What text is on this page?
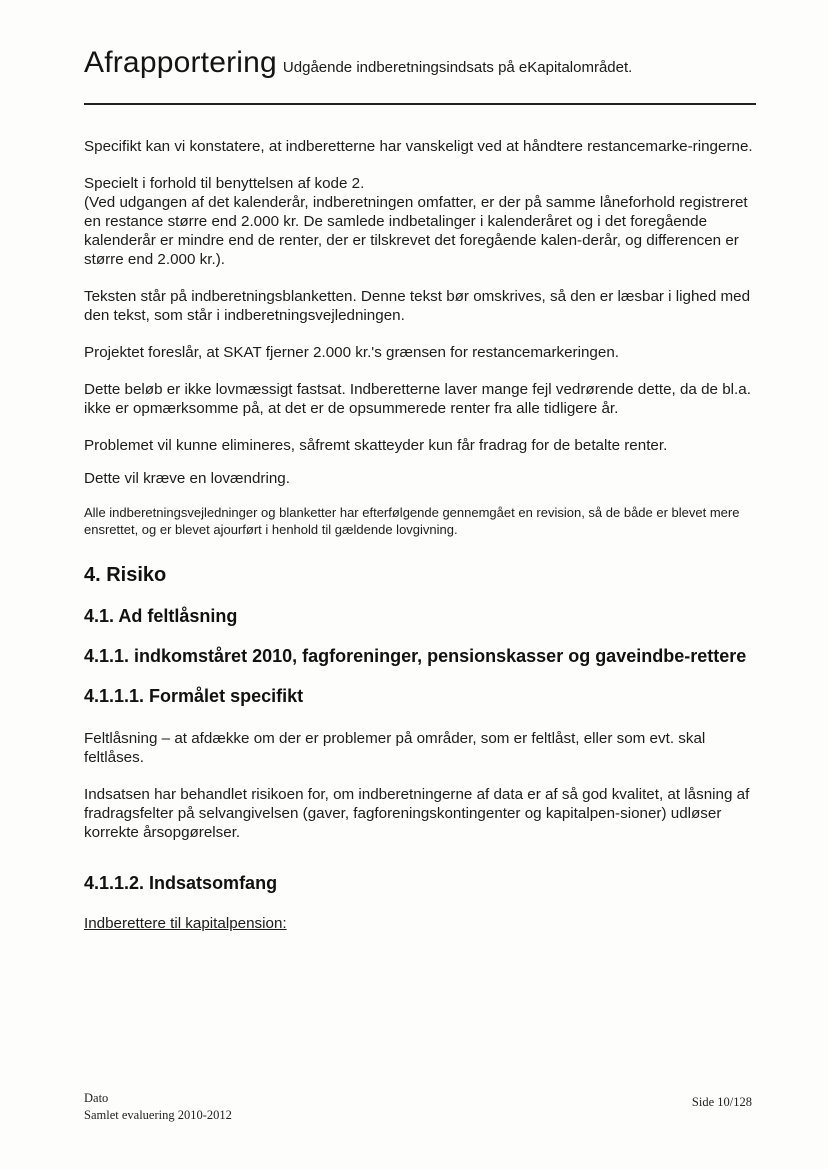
Afrapportering Udgående indberetningsindsats på eKapitalområdet.

Specifikt kan vi konstatere, at indberetterne har vanskeligt ved at håndtere restancemarke-ringerne.

Specielt i forhold til benyttelsen af kode 2.

(Ved udgangen af det kalenderår, indberetningen omfatter, er der på samme låneforhold registreret en restance større end 2.000 kr. De samlede indbetalinger i kalenderåret og i det foregående kalenderår er mindre end de renter, der er tilskrevet det foregående kalen-derår, og differencen er større end 2.000 kr.).

Teksten står på indberetningsblanketten. Denne tekst bør omskrives, så den er læsbar i lighed med den tekst, som står i indberetningsvejledningen.

Projektet foreslår, at SKAT fjerner 2.000 kr.'s grænsen for restancemarkeringen.

Dette beløb er ikke lovmæssigt fastsat. Indberetterne laver mange fejl vedrørende dette, da de bl.a. ikke er opmærksomme på, at det er de opsummerede renter fra alle tidligere år.

Problemet vil kunne elimineres, såfremt skatteyder kun får fradrag for de betalte renter.

Dette vil kræve en lovændring.

Alle indberetningsvejledninger og blanketter har efterfølgende gennemgået en revision, så de både er blevet mere ensrettet, og er blevet ajourført i henhold til gældende lovgivning.

4. Risiko
4.1. Ad feltlåsning
4.1.1. indkomståret 2010, fagforeninger, pensionskasser og gaveindbe-rettere
4.1.1.1. Formålet specifikt

Feltlåsning – at afdække om der er problemer på områder, som er feltlåst, eller som evt. skal feltlåses.

Indsatsen har behandlet risikoen for, om indberetningerne af data er af så god kvalitet, at låsning af fradragsfelter på selvangivelsen (gaver, fagforeningskontingenter og kapitalpen-sioner) udløser korrekte årsopgørelser.

4.1.1.2. Indsatsomfang

Indberettere til kapitalpension:

Dato
Samlet evaluering 2010-2012
Side 10/128
